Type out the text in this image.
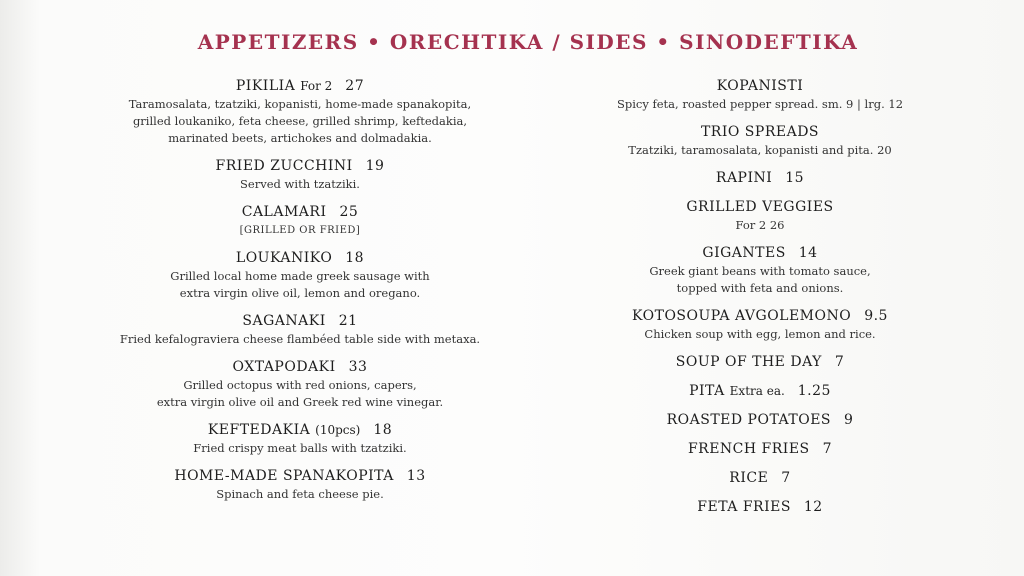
APPETIZERS • ORECHTIKA / SIDES • SINODEFTIKA
PIKILIA For 2 27
Taramosalata, tzatziki, kopanisti, home-made spanakopita,
grilled loukaniko, feta cheese, grilled shrimp, keftedakia,
marinated beets, artichokes and dolmadakia.
FRIED ZUCCHINI 19
Served with tzatziki.
CALAMARI 25
[GRILLED OR FRIED]
LOUKANIKO 18
Grilled local home made greek sausage with
extra virgin olive oil, lemon and oregano.
SAGANAKI 21
Fried kefalograviera cheese flambéed table side with metaxa.
OXTAPODAKI 33
Grilled octopus with red onions, capers,
extra virgin olive oil and Greek red wine vinegar.
KEFTEDAKIA (10pcs) 18
Fried crispy meat balls with tzatziki.
HOME-MADE SPANAKOPITA 13
Spinach and feta cheese pie.
KOPANISTI
Spicy feta, roasted pepper spread. sm. 9 | lrg. 12
TRIO SPREADS
Tzatziki, taramosalata, kopanisti and pita. 20
RAPINI 15
GRILLED VEGGIES
For 2 26
GIGANTES 14
Greek giant beans with tomato sauce,
topped with feta and onions.
KOTOSOUPA AVGOLEMONO 9.5
Chicken soup with egg, lemon and rice.
SOUP OF THE DAY 7
PITA Extra ea. 1.25
ROASTED POTATOES 9
FRENCH FRIES 7
RICE 7
FETA FRIES 12
